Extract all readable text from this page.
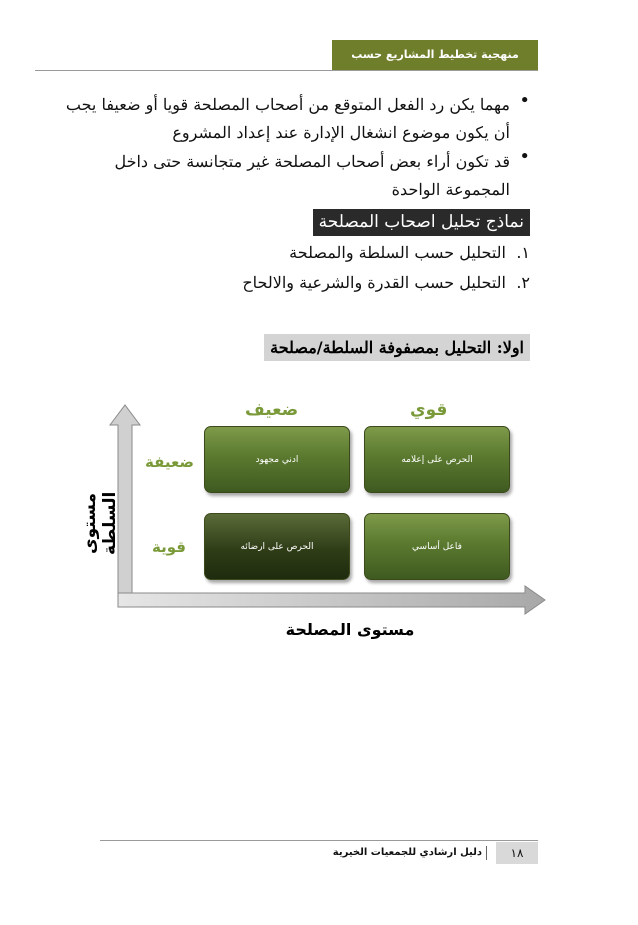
منهجية تخطيط المشاريع حسب الأهداف (PPO)
•
مهما يكن رد الفعل المتوقع من أصحاب المصلحة قويا أو ضعيفا يجب
أن يكون موضوع انشغال الإدارة عند إعداد المشروع
•
قد تكون أراء بعض أصحاب المصلحة غير متجانسة حتى داخل
المجموعة الواحدة
نماذج تحليل اصحاب المصلحة
١.
التحليل حسب السلطة والمصلحة
٢.
التحليل حسب القدرة والشرعية والالحاح
اولا: التحليل بمصفوفة السلطة/مصلحة
ضعيف	قوي
ضعيفة
قوية
مستوى السلطة
ادني مجهود	الحرص على إعلامه
الحرص على ارضائه	فاعل أساسي
مستوى المصلحة
دليل ارشادي للجمعيات الخيرية	١٨
